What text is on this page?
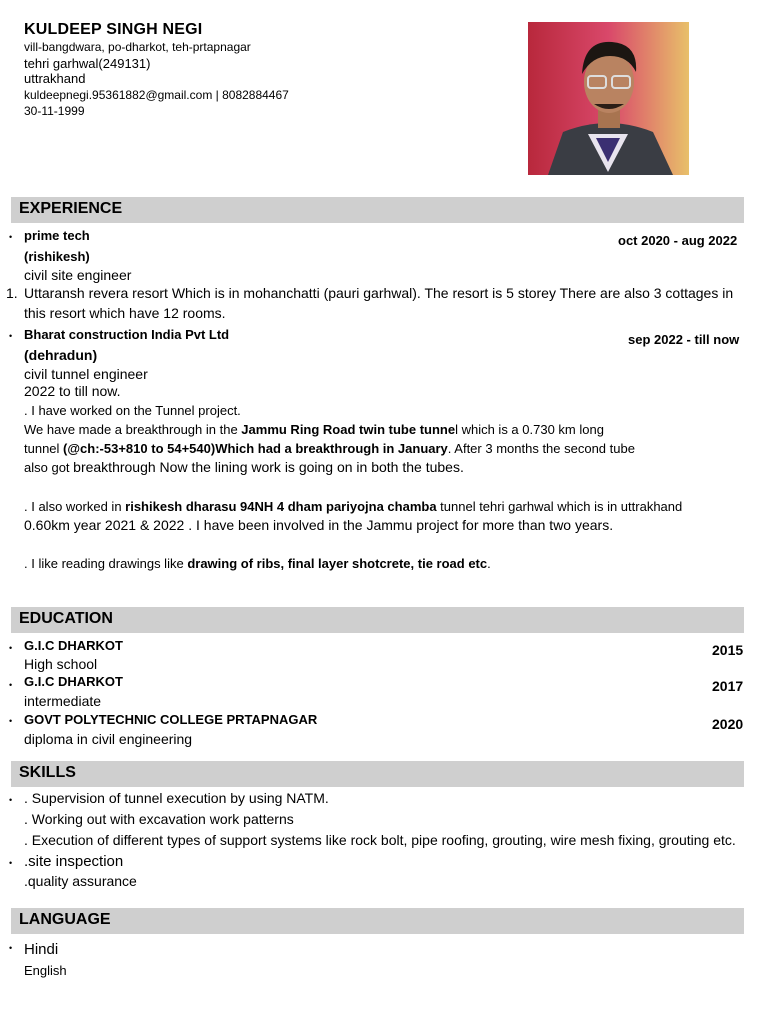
KULDEEP SINGH NEGI
vill-bangdwara, po-dharkot, teh-prtapnagar
tehri garhwal(249131)
uttrakhand
kuldeepnegi.95361882@gmail.com | 8082884467
30-11-1999
EXPERIENCE
• prime tech	oct 2020 - aug 2022
(rishikesh)
civil site engineer
1. Uttaransh revera resort Which is in mohanchatti (pauri garhwal). The resort is 5 storey There are also 3 cottages in
this resort which have 12 rooms.
• Bharat construction India Pvt Ltd	sep 2022 - till now
(dehradun)
civil tunnel engineer
2022 to till now.
. I have worked on the Tunnel project.
We have made a breakthrough in the Jammu Ring Road twin tube tunnel which is a 0.730 km long
tunnel (@ch:-53+810 to 54+540)Which had a breakthrough in January. After 3 months the second tube
also got breakthrough Now the lining work is going on in both the tubes.
. I also worked in rishikesh dharasu 94NH 4 dham pariyojna chamba tunnel tehri garhwal which is in uttrakhand
0.60km year 2021 & 2022 . I have been involved in the Jammu project for more than two years.
. I like reading drawings like drawing of ribs, final layer shotcrete, tie road etc.
EDUCATION
• G.I.C DHARKOT	2015
High school
• G.I.C DHARKOT	2017
intermediate
• GOVT POLYTECHNIC COLLEGE PRTAPNAGAR	2020
diploma in civil engineering
SKILLS
• . Supervision of tunnel execution by using NATM.
. Working out with excavation work patterns
. Execution of different types of support systems like rock bolt, pipe roofing, grouting, wire mesh fixing, grouting etc.
• .site inspection
.quality assurance
LANGUAGE
• Hindi
English
